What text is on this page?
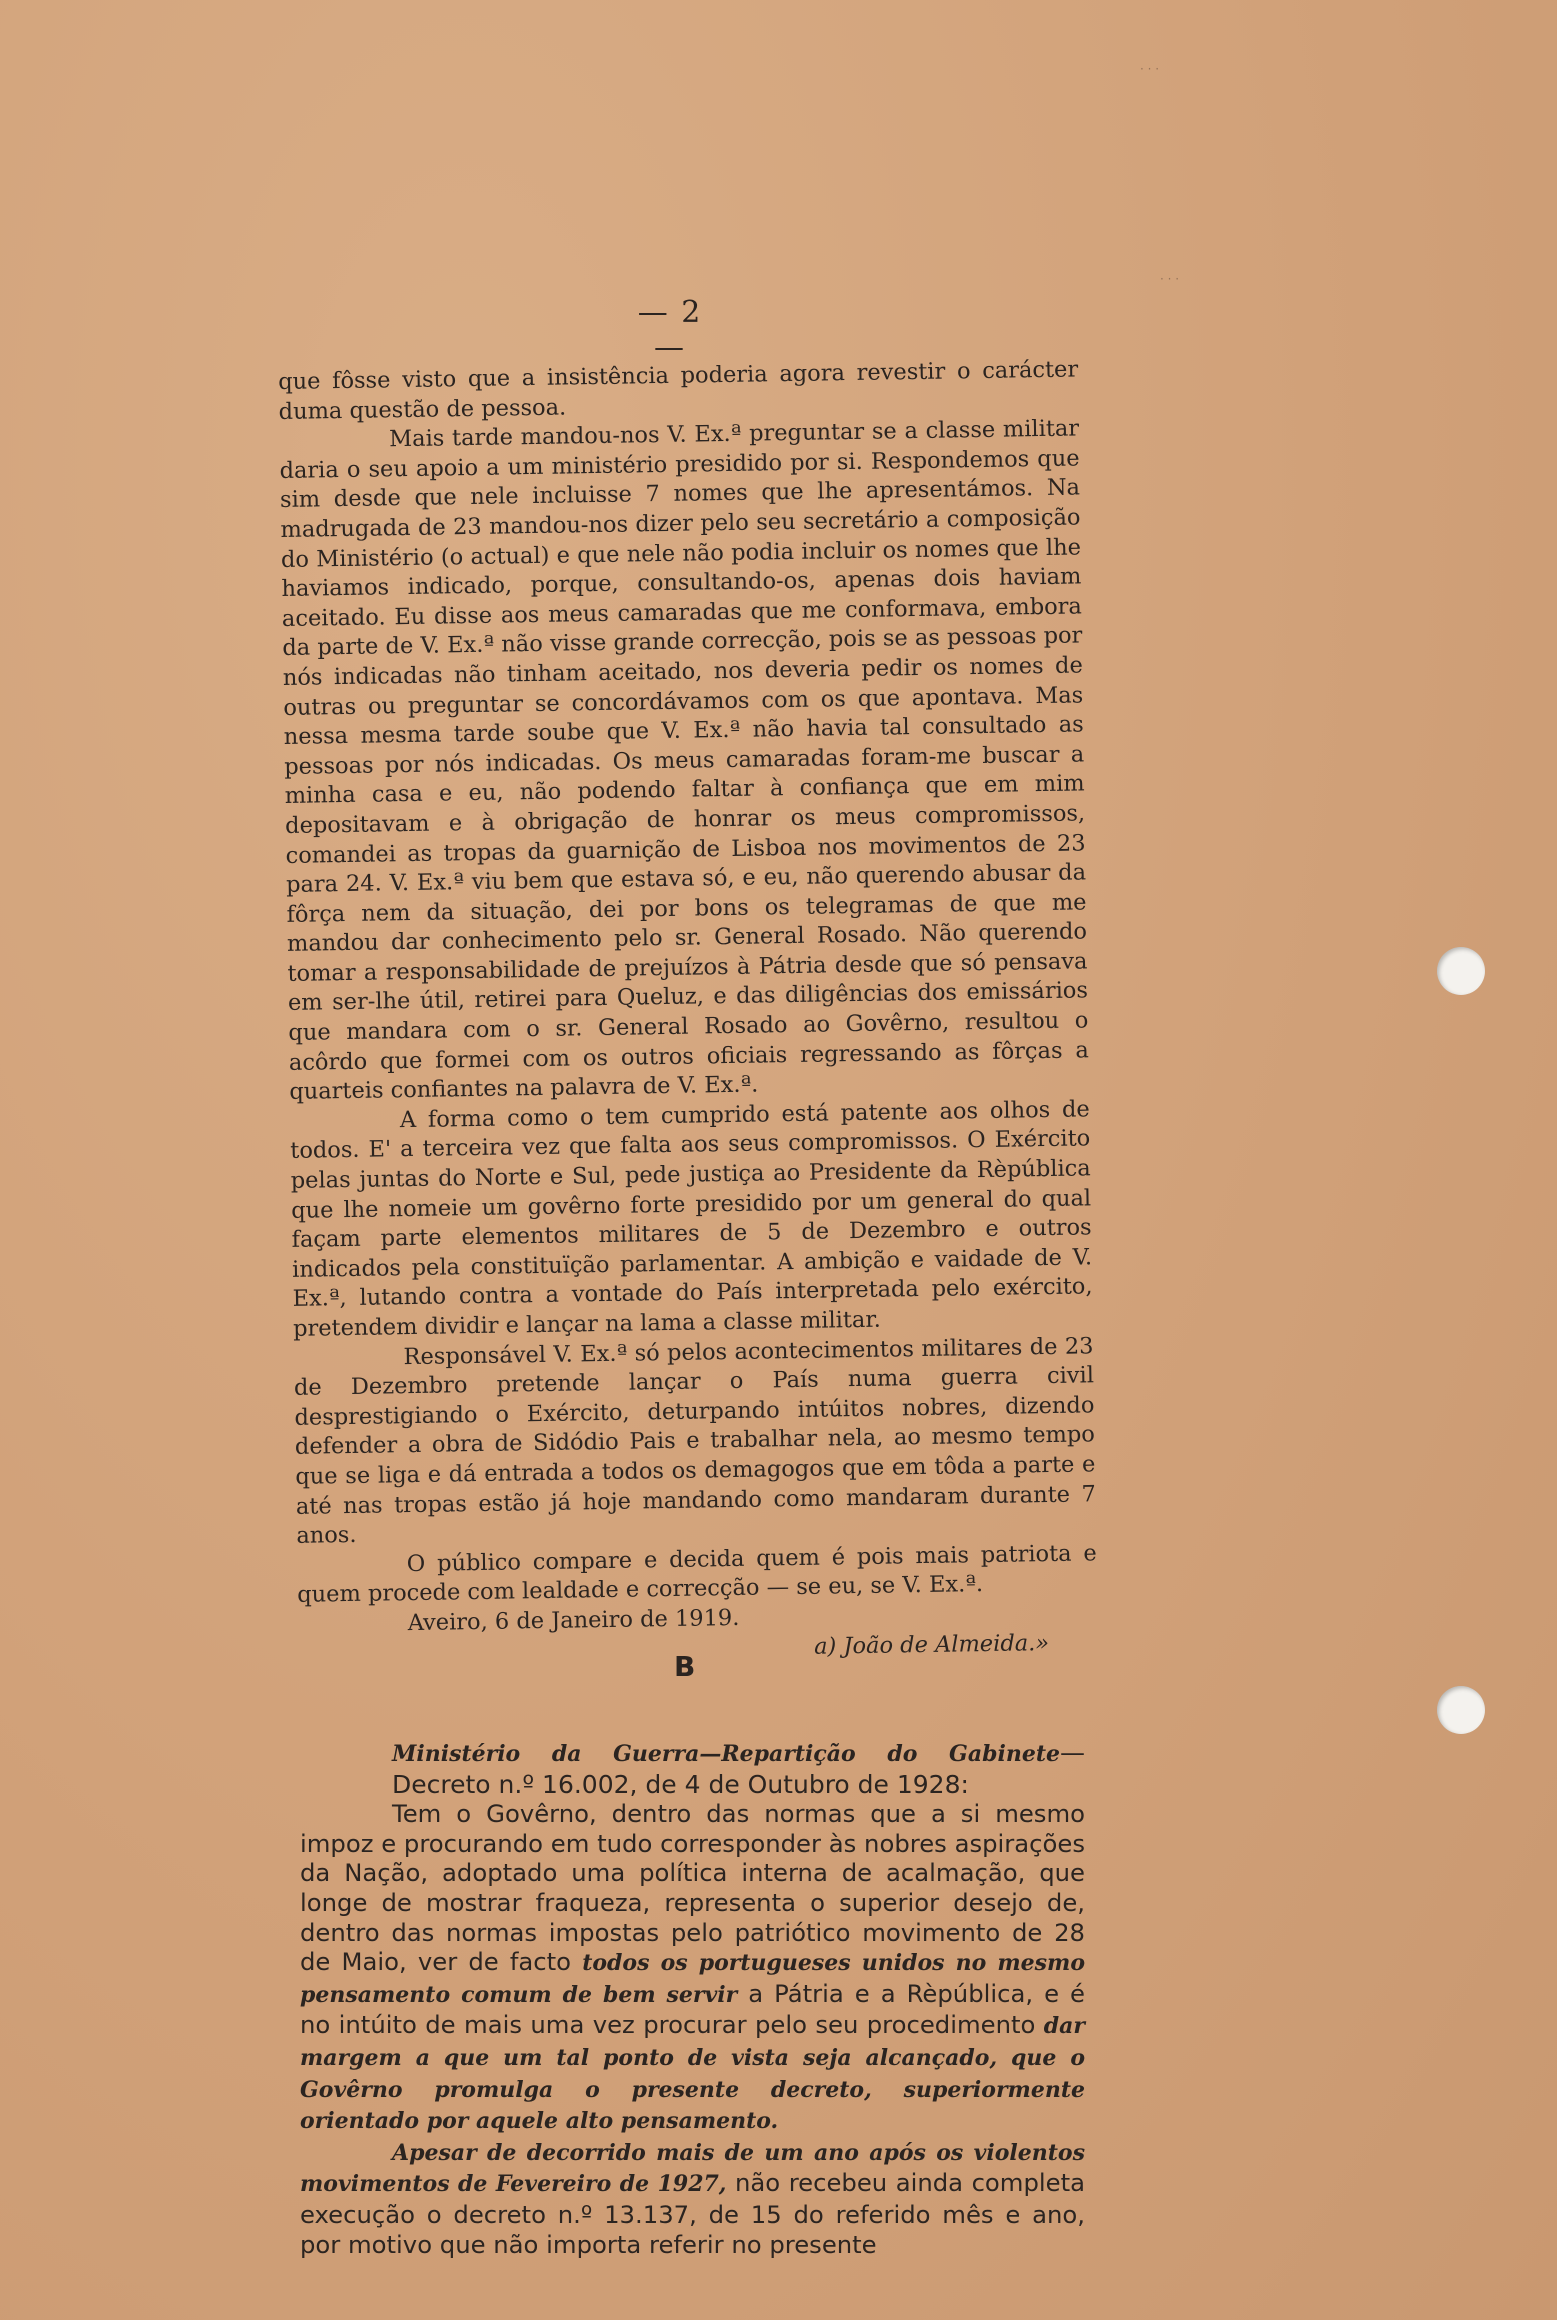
· · ·
· · ·
— 2 —

que fôsse visto que a insistência poderia agora revestir o carácter duma questão de pessoa.

Mais tarde mandou-nos V. Ex.ª preguntar se a classe militar daria o seu apoio a um ministério presidido por si. Respondemos que sim desde que nele incluisse 7 nomes que lhe apresentámos. Na madrugada de 23 mandou-nos dizer pelo seu secretário a composição do Ministério (o actual) e que nele não podia incluir os nomes que lhe haviamos indicado, porque, consultando-os, apenas dois haviam aceitado. Eu disse aos meus camaradas que me conformava, embora da parte de V. Ex.ª não visse grande correcção, pois se as pessoas por nós indicadas não tinham aceitado, nos deveria pedir os nomes de outras ou preguntar se concordávamos com os que apontava. Mas nessa mesma tarde soube que V. Ex.ª não havia tal consultado as pessoas por nós indicadas. Os meus camaradas foram-me buscar a minha casa e eu, não podendo faltar à confiança que em mim depositavam e à obrigação de honrar os meus compromissos, comandei as tropas da guarnição de Lisboa nos movimentos de 23 para 24. V. Ex.ª viu bem que estava só, e eu, não querendo abusar da fôrça nem da situação, dei por bons os telegramas de que me mandou dar conhecimento pelo sr. General Rosado. Não querendo tomar a responsabilidade de prejuízos à Pátria desde que só pensava em ser-lhe útil, retirei para Queluz, e das diligências dos emissários que mandara com o sr. General Rosado ao Govêrno, resultou o acôrdo que formei com os outros oficiais regressando as fôrças a quarteis confiantes na palavra de V. Ex.ª.

A forma como o tem cumprido está patente aos olhos de todos. E' a terceira vez que falta aos seus compromissos. O Exército pelas juntas do Norte e Sul, pede justiça ao Presidente da Rèpública que lhe nomeie um govêrno forte presidido por um general do qual façam parte elementos militares de 5 de Dezembro e outros indicados pela constituïção parlamentar. A ambição e vaidade de V. Ex.ª, lutando contra a vontade do País interpretada pelo exército, pretendem dividir e lançar na lama a classe militar.

Responsável V. Ex.ª só pelos acontecimentos militares de 23 de Dezembro pretende lançar o País numa guerra civil desprestigiando o Exército, deturpando intúitos nobres, dizendo defender a obra de Sidódio Pais e trabalhar nela, ao mesmo tempo que se liga e dá entrada a todos os demagogos que em tôda a parte e até nas tropas estão já hoje mandando como mandaram durante 7 anos.

O público compare e decida quem é pois mais patriota e quem procede com lealdade e correcção — se eu, se V. Ex.ª.

Aveiro, 6 de Janeiro de 1919.

a) João de Almeida.»

B

Ministério da Guerra—Repartição do Gabinete—Decreto n.º 16.002, de 4 de Outubro de 1928:

Tem o Govêrno, dentro das normas que a si mesmo impoz e procurando em tudo corresponder às nobres aspirações da Nação, adoptado uma política interna de acalmação, que longe de mostrar fraqueza, representa o superior desejo de, dentro das normas impostas pelo patriótico movimento de 28 de Maio, ver de facto todos os portugueses unidos no mesmo pensamento comum de bem servir a Pátria e a Rèpública, e é no intúito de mais uma vez procurar pelo seu procedimento dar margem a que um tal ponto de vista seja alcançado, que o Govêrno promulga o presente decreto, superiormente orientado por aquele alto pensamento.

Apesar de decorrido mais de um ano após os violentos movimentos de Fevereiro de 1927, não recebeu ainda completa execução o decreto n.º 13.137, de 15 do referido mês e ano, por motivo que não importa referir no presente
